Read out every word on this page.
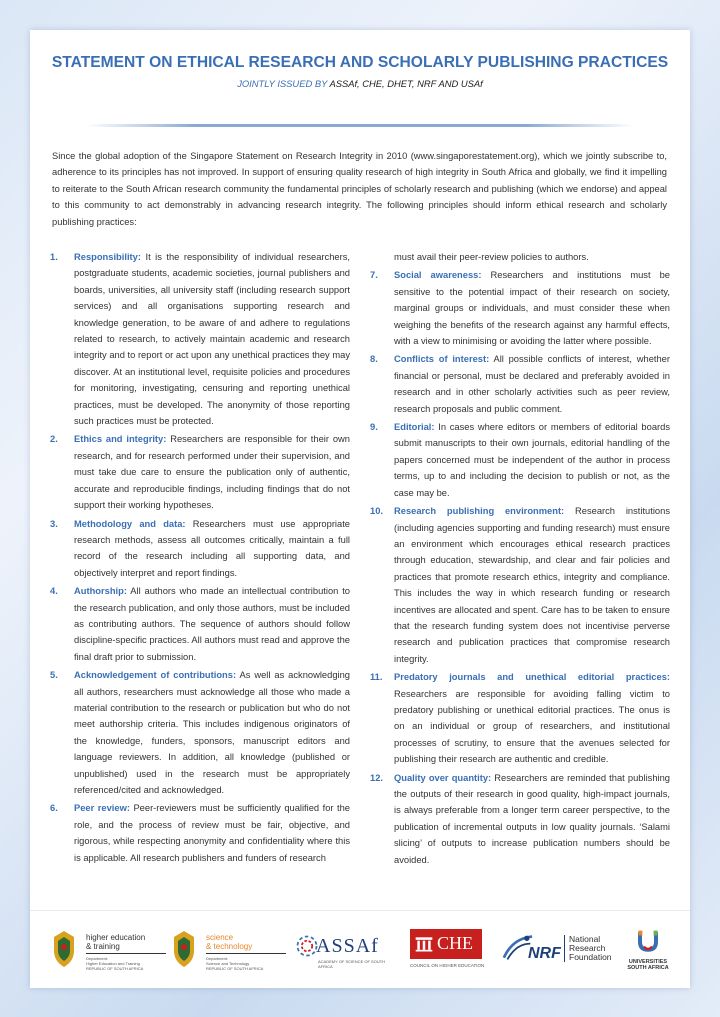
STATEMENT ON ETHICAL RESEARCH AND SCHOLARLY PUBLISHING PRACTICES
JOINTLY ISSUED BY ASSAf, CHE, DHET, NRF AND USAf

Since the global adoption of the Singapore Statement on Research Integrity in 2010 (www.singaporestatement.org), which we jointly subscribe to, adherence to its principles has not improved. In support of ensuring quality research of high integrity in South Africa and globally, we find it impelling to reiterate to the South African research community the fundamental principles of scholarly research and publishing (which we endorse) and appeal to this community to act demonstrably in advancing research integrity. The following principles should inform ethical research and scholarly publishing practices:

1. Responsibility: It is the responsibility of individual researchers, postgraduate students, academic societies, journal publishers and boards, universities, all university staff (including research support services) and all organisations supporting research and knowledge generation, to be aware of and adhere to regulations related to research, to actively maintain academic and research integrity and to report or act upon any unethical practices they may discover. At an institutional level, requisite policies and procedures for monitoring, investigating, censuring and reporting unethical practices, must be developed. The anonymity of those reporting such practices must be protected.
2. Ethics and integrity: Researchers are responsible for their own research, and for research performed under their supervision, and must take due care to ensure the publication only of authentic, accurate and reproducible findings, including findings that do not support their working hypotheses.
3. Methodology and data: Researchers must use appropriate research methods, assess all outcomes critically, maintain a full record of the research including all supporting data, and objectively interpret and report findings.
4. Authorship: All authors who made an intellectual contribution to the research publication, and only those authors, must be included as contributing authors. The sequence of authors should follow discipline-specific practices. All authors must read and approve the final draft prior to submission.
5. Acknowledgement of contributions: As well as acknowledging all authors, researchers must acknowledge all those who made a material contribution to the research or publication but who do not meet authorship criteria. This includes indigenous originators of the knowledge, funders, sponsors, manuscript editors and language reviewers. In addition, all knowledge (published or unpublished) used in the research must be appropriately referenced/cited and acknowledged.
6. Peer review: Peer-reviewers must be sufficiently qualified for the role, and the process of review must be fair, objective, and rigorous, while respecting anonymity and confidentiality where this is applicable. All research publishers and funders of research
must avail their peer-review policies to authors.
7. Social awareness: Researchers and institutions must be sensitive to the potential impact of their research on society, marginal groups or individuals, and must consider these when weighing the benefits of the research against any harmful effects, with a view to minimising or avoiding the latter where possible.
8. Conflicts of interest: All possible conflicts of interest, whether financial or personal, must be declared and preferably avoided in research and in other scholarly activities such as peer review, research proposals and public comment.
9. Editorial: In cases where editors or members of editorial boards submit manuscripts to their own journals, editorial handling of the papers concerned must be independent of the author in process terms, up to and including the decision to publish or not, as the case may be.
10. Research publishing environment: Research institutions (including agencies supporting and funding research) must ensure an environment which encourages ethical research practices through education, stewardship, and clear and fair policies and practices that promote research ethics, integrity and compliance. This includes the way in which research funding or research incentives are allocated and spent. Care has to be taken to ensure that the research funding system does not incentivise perverse research and publication practices that compromise research integrity.
11. Predatory journals and unethical editorial practices: Researchers are responsible for avoiding falling victim to predatory publishing or unethical editorial practices. The onus is on an individual or group of researchers, and institutional processes of scrutiny, to ensure that the avenues selected for publishing their research are authentic and credible.
12. Quality over quantity: Researchers are reminded that publishing the outputs of their research in good quality, high-impact journals, is always preferable from a longer term career perspective, to the publication of incremental outputs in low quality journals. ‘Salami slicing’ of outputs to increase publication numbers should be avoided.
higher education
& training
Department:
Higher Education and Training
REPUBLIC OF SOUTH AFRICA
science
& technology
Department:
Science and Technology
REPUBLIC OF SOUTH AFRICA
ASSAf
ACADEMY OF SCIENCE OF SOUTH AFRICA
CHE
COUNCIL ON HIGHER EDUCATION
NRF
National
Research
Foundation	UNIVERSITIES
SOUTH AFRICA
